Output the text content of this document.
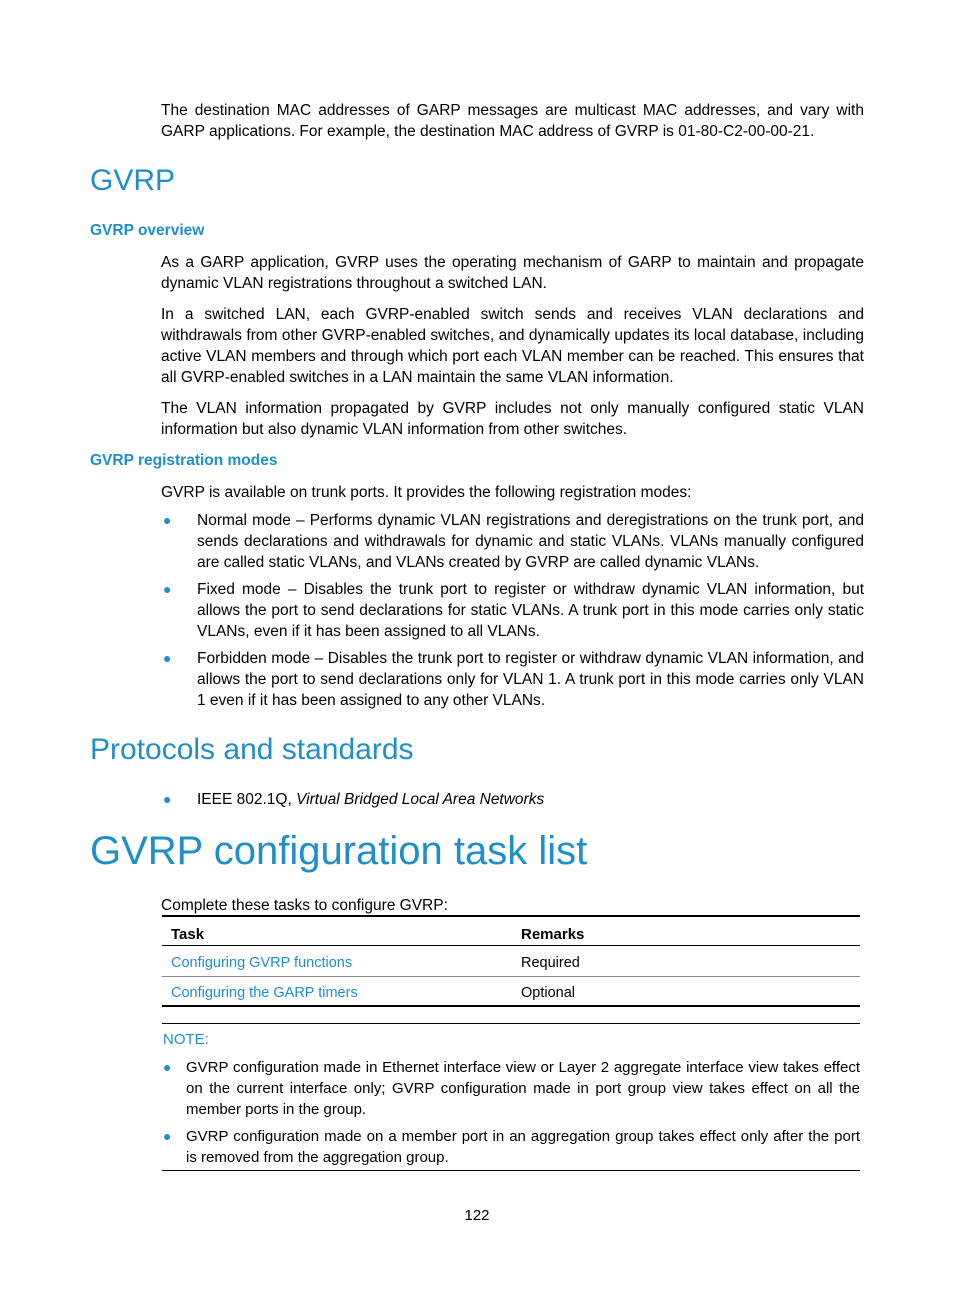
The destination MAC addresses of GARP messages are multicast MAC addresses, and vary with GARP applications. For example, the destination MAC address of GVRP is 01-80-C2-00-00-21.

GVRP
GVRP overview

As a GARP application, GVRP uses the operating mechanism of GARP to maintain and propagate dynamic VLAN registrations throughout a switched LAN.

In a switched LAN, each GVRP-enabled switch sends and receives VLAN declarations and withdrawals from other GVRP-enabled switches, and dynamically updates its local database, including active VLAN members and through which port each VLAN member can be reached. This ensures that all GVRP-enabled switches in a LAN maintain the same VLAN information.

The VLAN information propagated by GVRP includes not only manually configured static VLAN information but also dynamic VLAN information from other switches.

GVRP registration modes

GVRP is available on trunk ports. It provides the following registration modes:

● Normal mode – Performs dynamic VLAN registrations and deregistrations on the trunk port, and sends declarations and withdrawals for dynamic and static VLANs. VLANs manually configured are called static VLANs, and VLANs created by GVRP are called dynamic VLANs.
● Fixed mode – Disables the trunk port to register or withdraw dynamic VLAN information, but allows the port to send declarations for static VLANs. A trunk port in this mode carries only static VLANs, even if it has been assigned to all VLANs.
● Forbidden mode – Disables the trunk port to register or withdraw dynamic VLAN information, and allows the port to send declarations only for VLAN 1. A trunk port in this mode carries only VLAN 1 even if it has been assigned to any other VLANs.
Protocols and standards
● IEEE 802.1Q, Virtual Bridged Local Area Networks
GVRP configuration task list

Complete these tasks to configure GVRP:

Task	Remarks
Configuring GVRP functions	Required
Configuring the GARP timers	Optional
NOTE:
● GVRP configuration made in Ethernet interface view or Layer 2 aggregate interface view takes effect on the current interface only; GVRP configuration made in port group view takes effect on all the member ports in the group.
● GVRP configuration made on a member port in an aggregation group takes effect only after the port is removed from the aggregation group.
122
